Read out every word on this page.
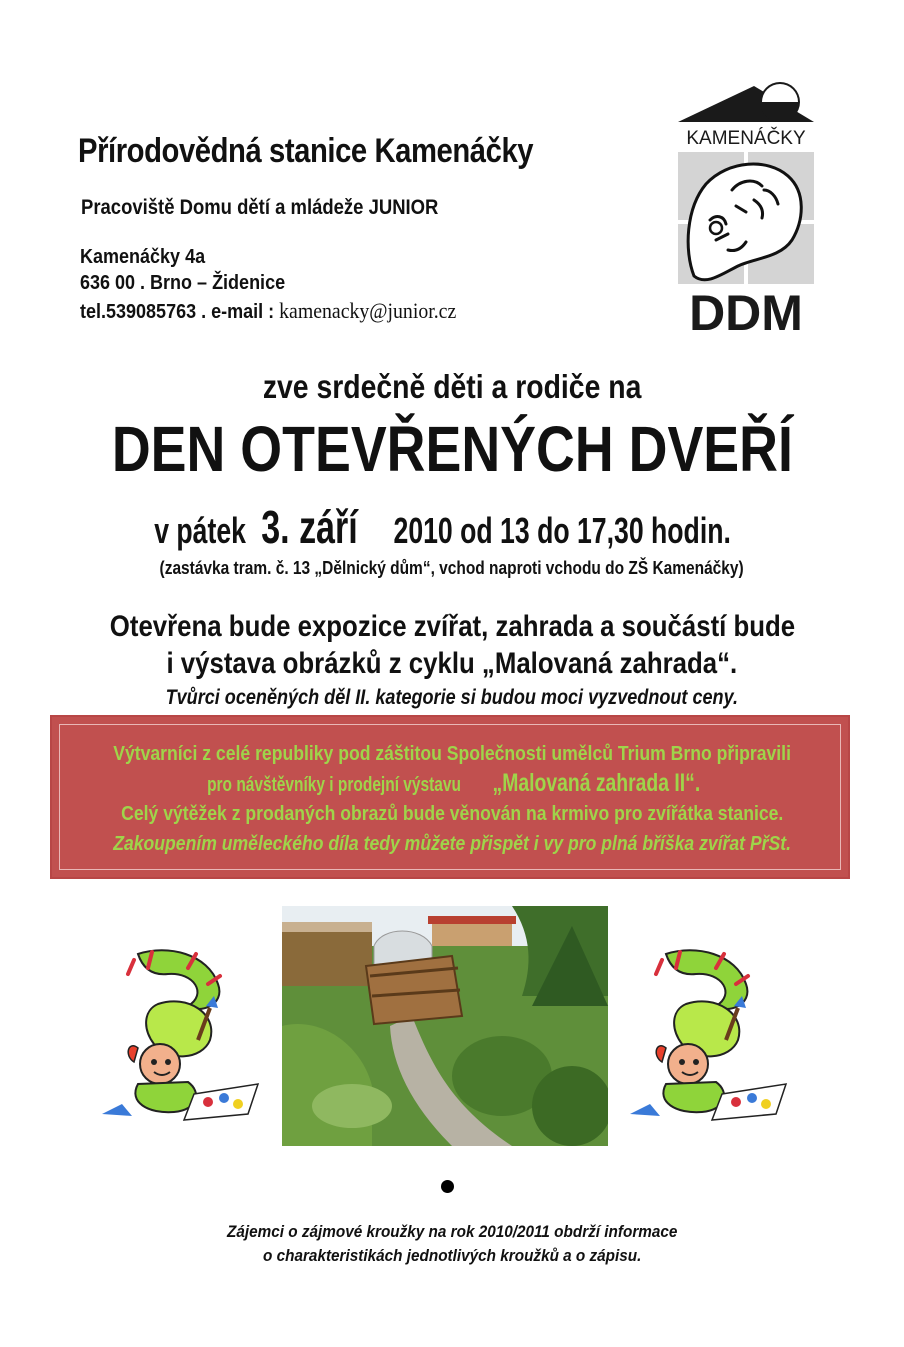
Přírodovědná stanice Kamenáčky
Pracoviště Domu dětí a mládeže JUNIOR
Kamenáčky 4a
636 00 . Brno – Židenice
tel.539085763 . e-mail : kamenacky@junior.cz
KAMENÁČKY
DDM
zve srdečně děti a rodiče na
DEN OTEVŘENÝCH DVEŘÍ
v pátek3. září2010 od 13 do 17,30 hodin.
(zastávka tram. č. 13 „Dělnický dům“, vchod naproti vchodu do ZŠ Kamenáčky)
Otevřena bude expozice zvířat, zahrada a součástí bude
i výstava obrázků z cyklu „Malovaná zahrada“.
Tvůrci oceněných děl II. kategorie si budou moci vyzvednout ceny.
Výtvarníci z celé republiky pod záštitou Společnosti umělců Trium Brno připravili
pro návštěvníky i prodejní výstavu„Malovaná zahrada II“.
Celý výtěžek z prodaných obrazů bude věnován na krmivo pro zvířátka stanice.
Zakoupením uměleckého díla tedy můžete přispět i vy pro plná bříška zvířat PřSt.
Zájemci o zájmové kroužky na rok 2010/2011 obdrží informace
o charakteristikách jednotlivých kroužků a o zápisu.
